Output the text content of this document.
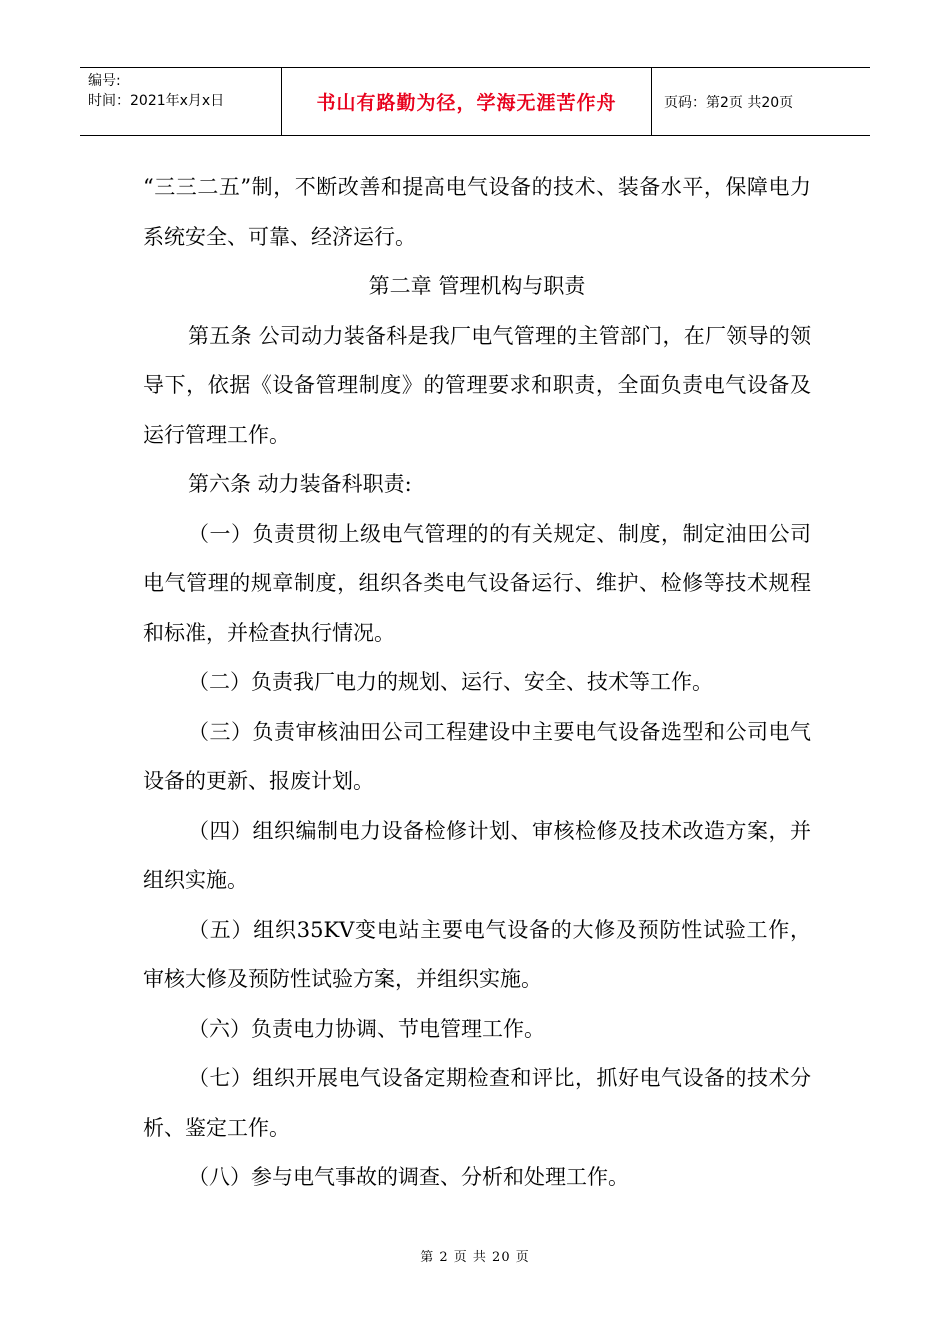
编号:
时间：2021年x月x日	书山有路勤为径，学海无涯苦作舟	页码：第2页 共20页

“三三二五”制，不断改善和提高电气设备的技术、装备水平，保障电力系统安全、可靠、经济运行。

第二章 管理机构与职责

第五条 公司动力装备科是我厂电气管理的主管部门，在厂领导的领导下，依据《设备管理制度》的管理要求和职责，全面负责电气设备及运行管理工作。

第六条 动力装备科职责:

（一）负责贯彻上级电气管理的的有关规定、制度，制定油田公司电气管理的规章制度，组织各类电气设备运行、维护、检修等技术规程和标准，并检查执行情况。

（二）负责我厂电力的规划、运行、安全、技术等工作。

（三）负责审核油田公司工程建设中主要电气设备选型和公司电气设备的更新、报废计划。

（四）组织编制电力设备检修计划、审核检修及技术改造方案，并组织实施。

（五）组织35KV变电站主要电气设备的大修及预防性试验工作，审核大修及预防性试验方案，并组织实施。

（六）负责电力协调、节电管理工作。

（七）组织开展电气设备定期检查和评比，抓好电气设备的技术分析、鉴定工作。

（八）参与电气事故的调查、分析和处理工作。

第 2 页 共 20 页
